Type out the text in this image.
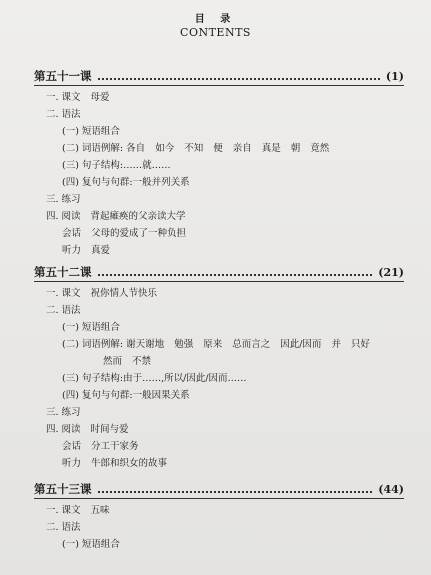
目 录
CONTENTS
第五十一课	(1)
一. 课文 母爱
二. 语法
(一) 短语组合
(二) 词语例解: 各自 如今 不知 便 亲自 真是 朝 竟然
(三) 句子结构:……就……
(四) 复句与句群:一般并列关系
三. 练习
四. 阅读 背起瘫痪的父亲读大学
会话 父母的爱成了一种负担
听力 真爱
第五十二课	(21)
一. 课文 祝你情人节快乐
二. 语法
(一) 短语组合
(二) 词语例解: 谢天谢地 勉强 原来 总而言之 因此/因而 并 只好
然而 不禁
(三) 句子结构:由于……,所以/因此/因而……
(四) 复句与句群:一般因果关系
三. 练习
四. 阅读 时间与爱
会话 分工干家务
听力 牛郎和织女的故事
第五十三课	(44)
一. 课文 五味
二. 语法
(一) 短语组合
